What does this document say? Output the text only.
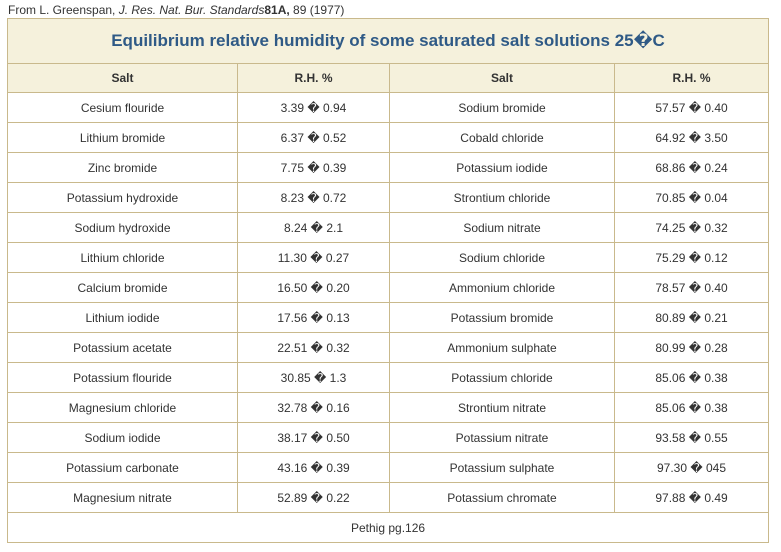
From L. Greenspan, J. Res. Nat. Bur. Standards81A, 89 (1977)
Equilibrium relative humidity of some saturated salt solutions 25�C			
Salt	R.H. %	Salt	R.H. %
Cesium flouride	3.39 � 0.94	Sodium bromide	57.57 � 0.40
Lithium bromide	6.37 � 0.52	Cobald chloride	64.92 � 3.50
Zinc bromide	7.75 � 0.39	Potassium iodide	68.86 � 0.24
Potassium hydroxide	8.23 � 0.72	Strontium chloride	70.85 � 0.04
Sodium hydroxide	8.24 � 2.1	Sodium nitrate	74.25 � 0.32
Lithium chloride	11.30 � 0.27	Sodium chloride	75.29 � 0.12
Calcium bromide	16.50 � 0.20	Ammonium chloride	78.57 � 0.40
Lithium iodide	17.56 � 0.13	Potassium bromide	80.89 � 0.21
Potassium acetate	22.51 � 0.32	Ammonium sulphate	80.99 � 0.28
Potassium flouride	30.85 � 1.3	Potassium chloride	85.06 � 0.38
Magnesium chloride	32.78 � 0.16	Strontium nitrate	85.06 � 0.38
Sodium iodide	38.17 � 0.50	Potassium nitrate	93.58 � 0.55
Potassium carbonate	43.16 � 0.39	Potassium sulphate	97.30 � 045
Magnesium nitrate	52.89 � 0.22	Potassium chromate	97.88 � 0.49
Pethig pg.126			
